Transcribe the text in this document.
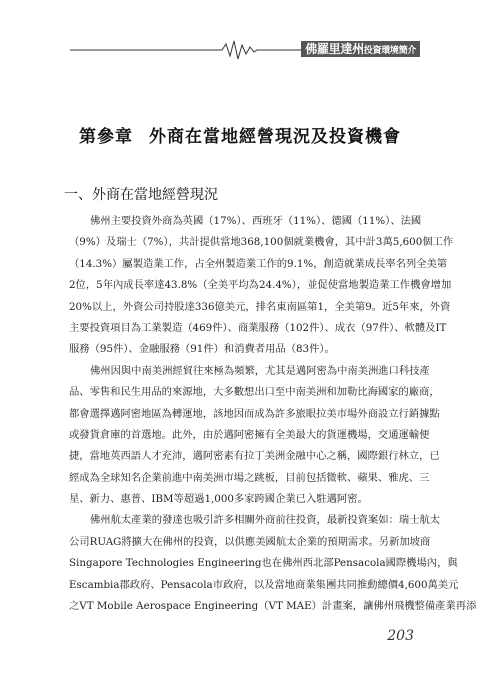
佛羅里達州投資環境簡介
第參章 外商在當地經營現況及投資機會
一、外商在當地經營現況

佛州主要投資外商為英國（17%）、西班牙（11%）、德國（11%）、法國

（9%）及瑞士（7%），共計提供當地368,100個就業機會，其中計3萬5,600個工作

（14.3%）屬製造業工作，占全州製造業工作的9.1%，創造就業成長率名列全美第

2位，5年內成長率達43.8%（全美平均為24.4%），並促使當地製造業工作機會增加

20%以上，外資公司持股達336億美元，排名東南區第1，全美第9。近5年來，外資

主要投資項目為工業製造（469件）、商業服務（102件）、成衣（97件）、軟體及IT

服務（95件）、金融服務（91件）和消費者用品（83件）。

佛州因與中南美洲經貿往來極為頻繁，尤其是邁阿密為中南美洲進口科技產

品、零售和民生用品的來源地，大多數想出口至中南美洲和加勒比海國家的廠商，

都會選擇邁阿密地區為轉運地，該地因而成為許多旅眼拉美市場外商設立行銷據點

或發貨倉庫的首選地。此外，由於邁阿密擁有全美最大的貨運機場，交通運輸便

捷，當地英西語人才充沛，邁阿密素有拉丁美洲金融中心之稱，國際銀行林立，已

經成為全球知名企業前進中南美洲市場之跳板，目前包括微軟、蘋果、雅虎、三

星、新力、惠普、IBM等超過1,000多家跨國企業已入駐邁阿密。

佛州航太產業的發達也吸引許多相關外商前往投資，最新投資案如：瑞士航太

公司RUAG將擴大在佛州的投資，以供應美國航太企業的預期需求。另新加坡商

Singapore Technologies Engineering也在佛州西北部Pensacola國際機場內，與

Escambia郡政府、Pensacola市政府，以及當地商業集團共同推動總價4,600萬美元

之VT Mobile Aerospace Engineering（VT MAE）計畫案，讓佛州飛機整備產業再添

203
